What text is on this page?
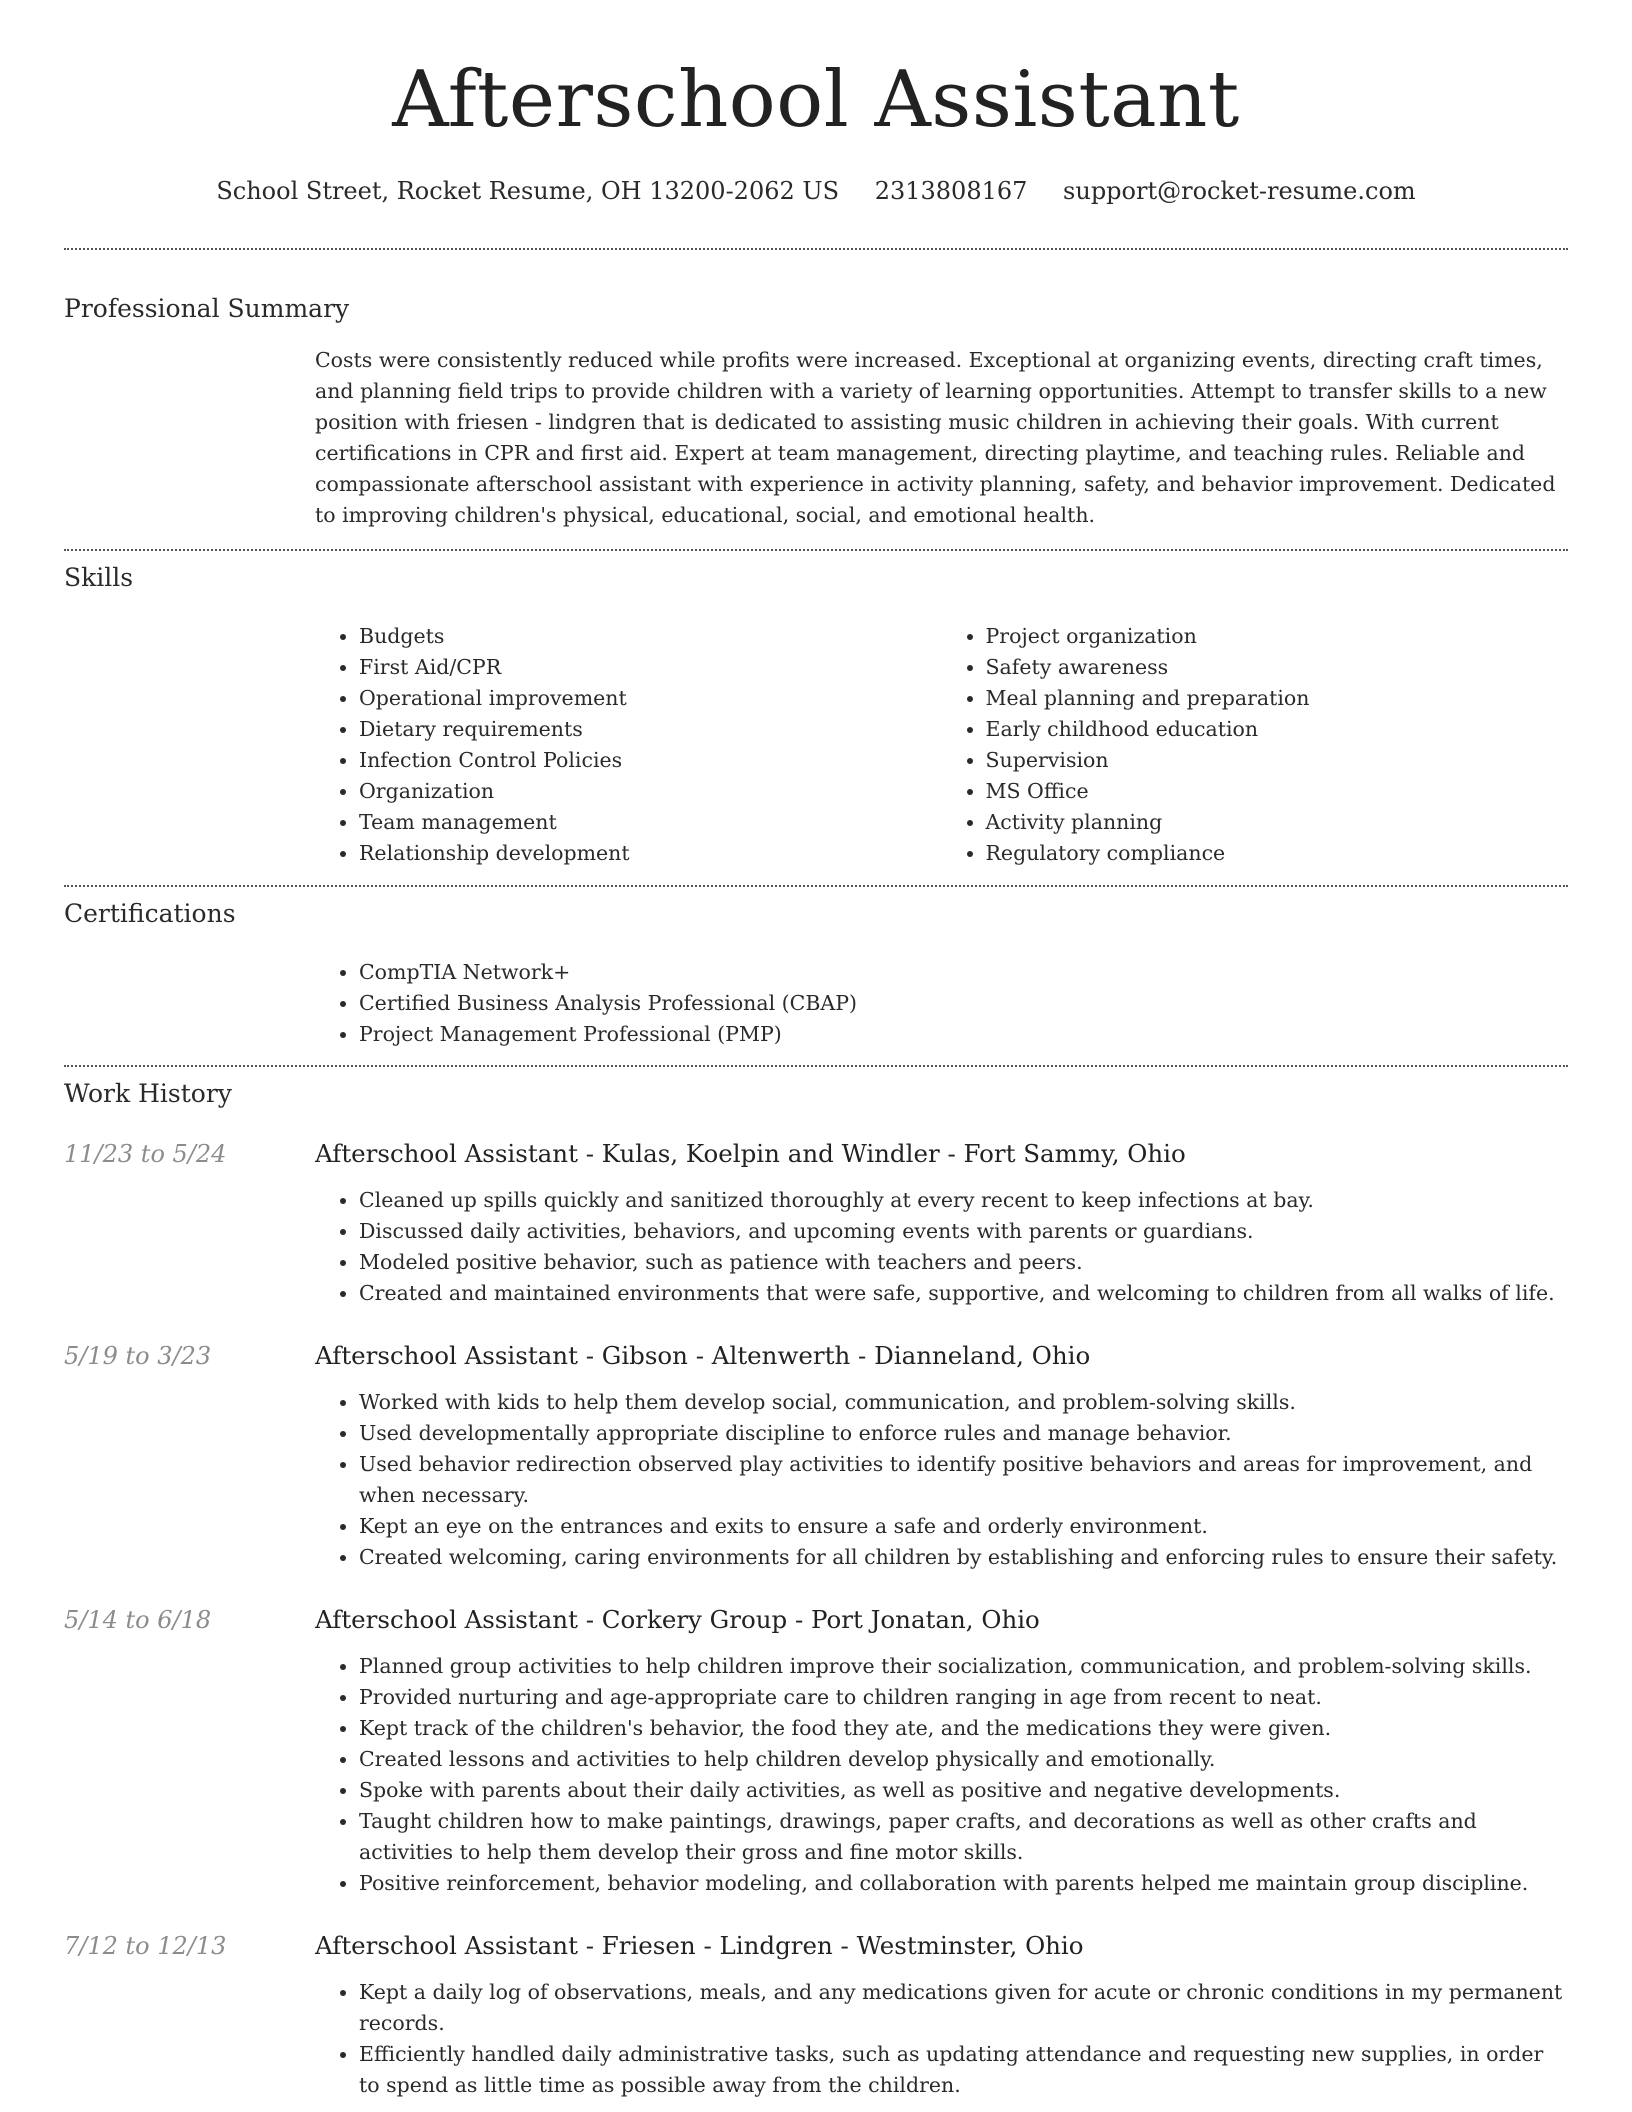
Afterschool Assistant
School Street, Rocket Resume, OH 13200-2062 US 2313808167 support@rocket-resume.com
Professional Summary
Costs were consistently reduced while profits were increased. Exceptional at organizing events, directing craft times, and planning field trips to provide children with a variety of learning opportunities. Attempt to transfer skills to a new position with friesen - lindgren that is dedicated to assisting music children in achieving their goals. With current certifications in CPR and first aid. Expert at team management, directing playtime, and teaching rules. Reliable and compassionate afterschool assistant with experience in activity planning, safety, and behavior improvement. Dedicated to improving children's physical, educational, social, and emotional health.
Skills
• Budgets
• First Aid/CPR
• Operational improvement
• Dietary requirements
• Infection Control Policies
• Organization
• Team management
• Relationship development
• Project organization
• Safety awareness
• Meal planning and preparation
• Early childhood education
• Supervision
• MS Office
• Activity planning
• Regulatory compliance
Certifications
• CompTIA Network+
• Certified Business Analysis Professional (CBAP)
• Project Management Professional (PMP)
Work History
11/23 to 5/24	Afterschool Assistant - Kulas, Koelpin and Windler - Fort Sammy, Ohio
• Cleaned up spills quickly and sanitized thoroughly at every recent to keep infections at bay.
• Discussed daily activities, behaviors, and upcoming events with parents or guardians.
• Modeled positive behavior, such as patience with teachers and peers.
• Created and maintained environments that were safe, supportive, and welcoming to children from all walks of life.
5/19 to 3/23	Afterschool Assistant - Gibson - Altenwerth - Dianneland, Ohio
• Worked with kids to help them develop social, communication, and problem-solving skills.
• Used developmentally appropriate discipline to enforce rules and manage behavior.
• Used behavior redirection observed play activities to identify positive behaviors and areas for improvement, and when necessary.
• Kept an eye on the entrances and exits to ensure a safe and orderly environment.
• Created welcoming, caring environments for all children by establishing and enforcing rules to ensure their safety.
5/14 to 6/18	Afterschool Assistant - Corkery Group - Port Jonatan, Ohio
• Planned group activities to help children improve their socialization, communication, and problem-solving skills.
• Provided nurturing and age-appropriate care to children ranging in age from recent to neat.
• Kept track of the children's behavior, the food they ate, and the medications they were given.
• Created lessons and activities to help children develop physically and emotionally.
• Spoke with parents about their daily activities, as well as positive and negative developments.
• Taught children how to make paintings, drawings, paper crafts, and decorations as well as other crafts and activities to help them develop their gross and fine motor skills.
• Positive reinforcement, behavior modeling, and collaboration with parents helped me maintain group discipline.
7/12 to 12/13	Afterschool Assistant - Friesen - Lindgren - Westminster, Ohio
• Kept a daily log of observations, meals, and any medications given for acute or chronic conditions in my permanent records.
• Efficiently handled daily administrative tasks, such as updating attendance and requesting new supplies, in order to spend as little time as possible away from the children.
